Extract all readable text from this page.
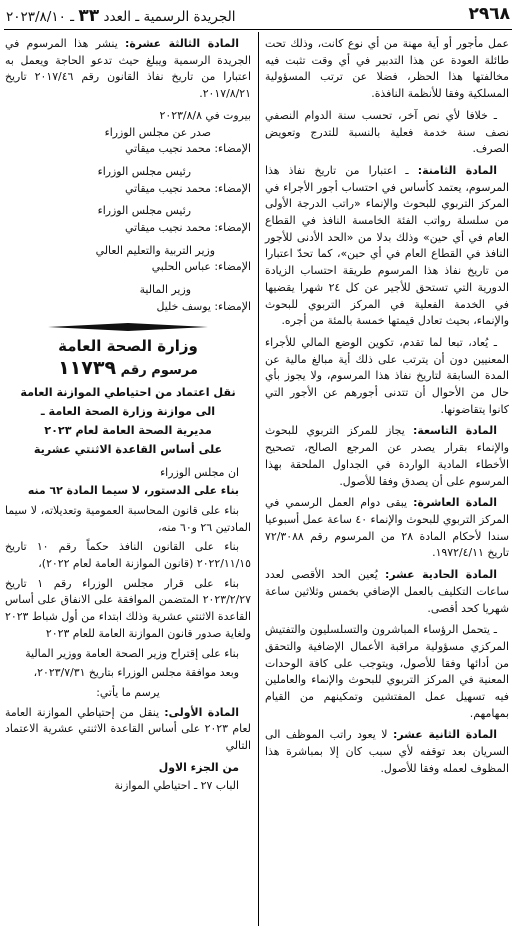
٢٩٦٨
الجريدة الرسمية ـ العدد ٣٣ ـ ٢٠٢٣/٨/١٠

عمل مأجور أو أية مهنة من أي نوع كانت، وذلك تحت طائلة العودة عن هذا التدبير في أي وقت تثبت فيه مخالفتها هذا الحظر، فضلا عن ترتب المسؤولية المسلكية وفقا للأنظمة النافذة.

ـ خلافا لأي نص آخر، تحسب سنة الدوام النصفي نصف سنة خدمة فعلية بالنسبة للتدرج وتعويض الصرف.

المادة الثامنة: ـ اعتبارا من تاريخ نفاذ هذا المرسوم، يعتمد كأساس في احتساب أجور الأجراء في المركز التربوي للبحوث والإنماء «راتب الدرجة الأولى من سلسلة رواتب الفئة الخامسة النافذ في القطاع العام في أي حين» وذلك بدلا من «الحد الأدنى للأجور النافذ في القطاع العام في أي حين»، كما تحدّ اعتبارا من تاريخ نفاذ هذا المرسوم طريقة احتساب الزيادة الدورية التي تستحق للأجير عن كل ٢٤ شهرا يقضيها في الخدمة الفعلية في المركز التربوي للبحوث والإنماء، بحيث تعادل قيمتها خمسة بالمئة من أجره.

ـ يُعاد، تبعا لما تقدم، تكوين الوضع المالي للأجراء المعنيين دون أن يترتب على ذلك أية مبالغ مالية عن المدة السابقة لتاريخ نفاذ هذا المرسوم، ولا يجوز بأي حال من الأحوال أن تتدنى أجورهم عن الأجور التي كانوا يتقاضونها.

المادة التاسعة: يجاز للمركز التربوي للبحوث والإنماء بقرار يصدر عن المرجع الصالح، تصحيح الأخطاء المادية الواردة في الجداول الملحقة بهذا المرسوم على أن يصدق وفقا للأصول.

المادة العاشرة: يبقى دوام العمل الرسمي في المركز التربوي للبحوث والإنماء ٤٠ ساعة عمل أسبوعيا سندا لأحكام المادة ٢٨ من المرسوم رقم ٧٢/٣٠٨٨ تاريخ ١٩٧٢/٤/١١.

المادة الحادية عشر: يُعين الحد الأقصى لعدد ساعات التكليف بالعمل الإضافي بخمس وثلاثين ساعة شهريا كحد أقصى.

ـ يتحمل الرؤساء المباشرون والتسلسليون والتفتيش المركزي مسؤولية مراقبة الأعمال الإضافية والتحقق من أدائها وفقا للأصول، ويتوجب على كافة الوحدات المعنية في المركز التربوي للبحوث والإنماء والعاملين فيه تسهيل عمل المفتشين وتمكينهم من القيام بمهامهم.

المادة الثانية عشر: لا يعود راتب الموظف الى السريان بعد توقفه لأي سبب كان إلا بمباشرة هذا المظوف لعمله وفقا للأصول.

المادة الثالثة عشرة: ينشر هذا المرسوم في الجريدة الرسمية ويبلغ حيث تدعو الحاجة ويعمل به اعتبارا من تاريخ نفاذ القانون رقم ٢٠١٧/٤٦ تاريخ ٢٠١٧/٨/٢١.

بيروت في ٢٠٢٣/٨/٨

صدر عن مجلس الوزراء

الإمضاء: محمد نجيب ميقاتي

رئيس مجلس الوزراء
الإمضاء: محمد نجيب ميقاتي
رئيس مجلس الوزراء
الإمضاء: محمد نجيب ميقاتي
وزير التربية والتعليم العالي
الإمضاء: عباس الحلبي
وزير المالية
الإمضاء: يوسف خليل
وزارة الصحة العامة
مرسوم رقم ١١٧٣٩
نقل اعتماد من احتياطي الموازنة العامة
الى موازنة وزارة الصحة العامة ـ
مديرية الصحة العامة لعام ٢٠٢٣
على أساس القاعدة الاثنتي عشرية

ان مجلس الوزراء

بناء على الدستور، لا سيما المادة ٦٢ منه

بناء على قانون المحاسبة العمومية وتعديلاته، لا سيما المادتين ٢٦ و٦٠ منه،

بناء على القانون النافذ حكماً رقم ١٠ تاريخ ٢٠٢٢/١١/١٥ (قانون الموازنة العامة لعام ٢٠٢٢)،

بناء على قرار مجلس الوزراء رقم ١ تاريخ ٢٠٢٣/٢/٢٧ المتضمن الموافقة على الانفاق على أساس القاعدة الاثنتي عشرية وذلك ابتداء من أول شباط ٢٠٢٣ ولغاية صدور قانون الموازنة العامة للعام ٢٠٢٣

بناء على إقتراح وزير الصحة العامة ووزير المالية

وبعد موافقة مجلس الوزراء بتاريخ ٢٠٢٣/٧/٣١،

يرسم ما يأتي:

المادة الأولى: ينقل من إحتياطي الموازنة العامة لعام ٢٠٢٣ على أساس القاعدة الاثنتي عشرية الاعتماد التالي

من الجزء الاول

الباب ٢٧ ـ احتياطي الموازنة
